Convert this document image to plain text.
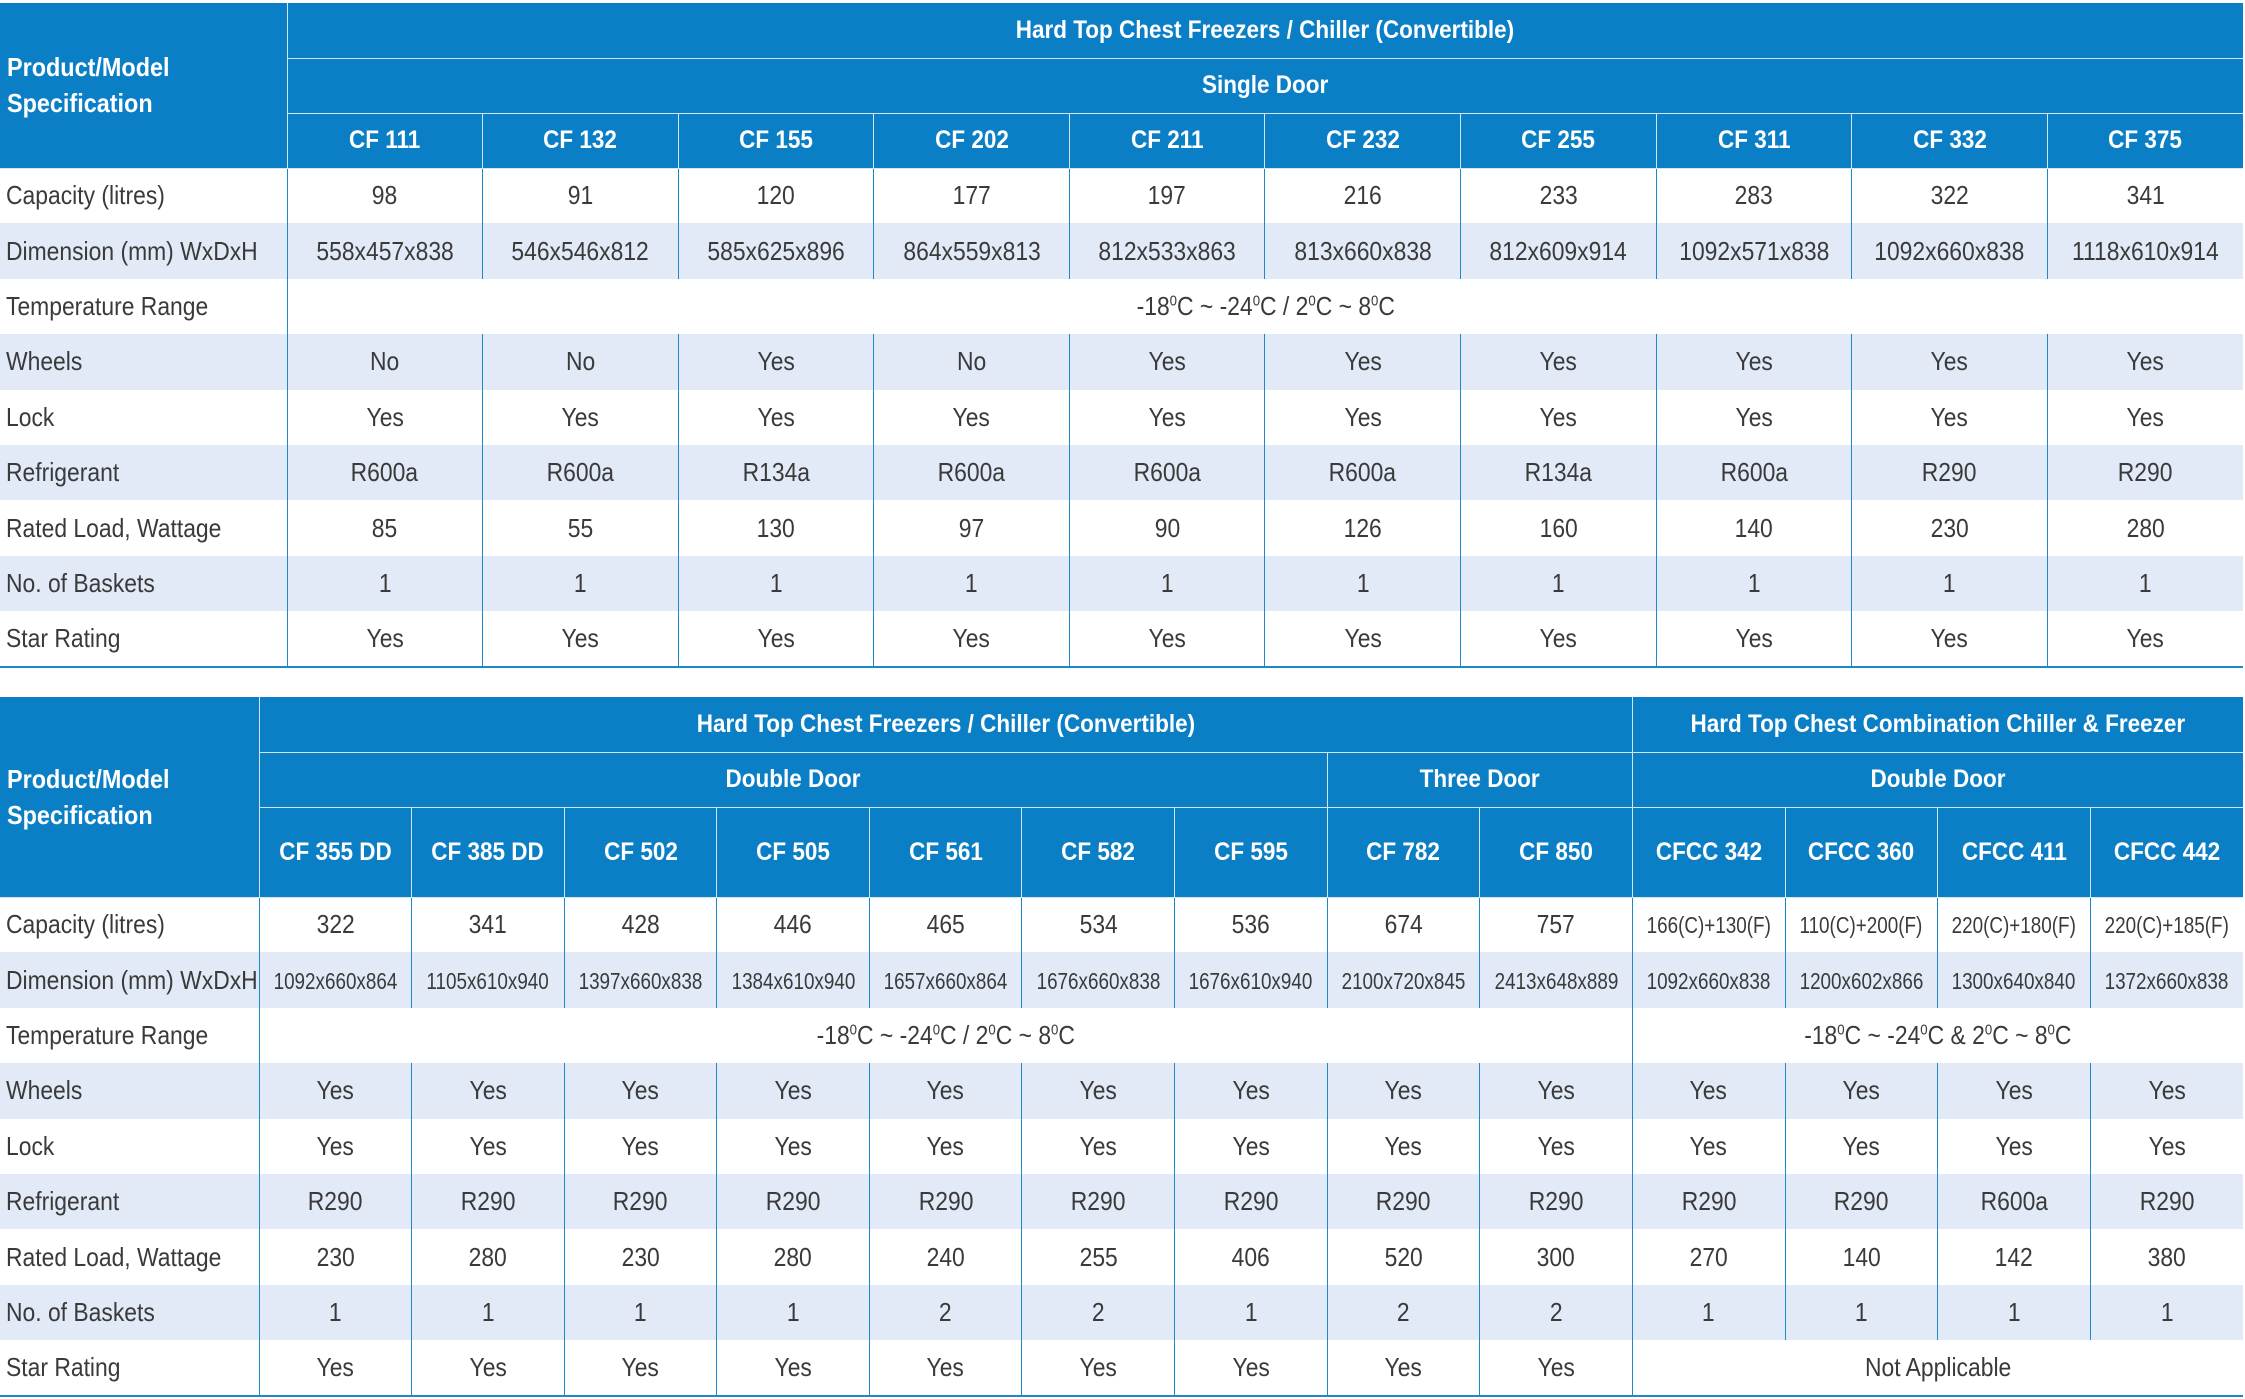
Product/Model Specification	Hard Top Chest Freezers / Chiller (Convertible)									
	Single Door									
	CF 111	CF 132	CF 155	CF 202	CF 211	CF 232	CF 255	CF 311	CF 332	CF 375
Capacity (litres)	98	91	120	177	197	216	233	283	322	341
Dimension (mm) WxDxH	558x457x838	546x546x812	585x625x896	864x559x813	812x533x863	813x660x838	812x609x914	1092x571x838	1092x660x838	1118x610x914
Temperature Range	$-18^0C$ ~ $-24^0C / 2^0C$ ~ $8^0C$									
Wheels	No	No	Yes	No	Yes	Yes	Yes	Yes	Yes	Yes
Lock	Yes	Yes	Yes	Yes	Yes	Yes	Yes	Yes	Yes	Yes
Refrigerant	R600a	R600a	R134a	R600a	R600a	R600a	R134a	R600a	R290	R290
Rated Load, Wattage	85	55	130	97	90	126	160	140	230	280
No. of Baskets	1	1	1	1	1	1	1	1	1	1
Star Rating	Yes	Yes	Yes	Yes	Yes	Yes	Yes	Yes	Yes	Yes
Product/Model Specification	Hard Top Chest Freezers / Chiller (Convertible)									Hard Top Chest Combination Chiller & Freezer			
	Double Door							Three Door		Double Door			
	CF 355 DD	CF 385 DD	CF 502	CF 505	CF 561	CF 582	CF 595	CF 782	CF 850	CFCC 342	CFCC 360	CFCC 411	CFCC 442
Capacity (litres)	322	341	428	446	465	534	536	674	757	166(C)+130(F)	110(C)+200(F)	220(C)+180(F)	220(C)+185(F)
Dimension (mm) WxDxH	1092x660x864	1105x610x940	1397x660x838	1384x610x940	1657x660x864	1676x660x838	1676x610x940	2100x720x845	2413x648x889	1092x660x838	1200x602x866	1300x640x840	1372x660x838
Temperature Range	$-18^0C$ ~ $-24^0C / 2^0C$ ~ $8^0C$									$-18^0C$ ~ $-24^0C$ & $2^0C$ ~ $8^0C$			
Wheels	Yes	Yes	Yes	Yes	Yes	Yes	Yes	Yes	Yes	Yes	Yes	Yes	Yes
Lock	Yes	Yes	Yes	Yes	Yes	Yes	Yes	Yes	Yes	Yes	Yes	Yes	Yes
Refrigerant	R290	R290	R290	R290	R290	R290	R290	R290	R290	R290	R290	R600a	R290
Rated Load, Wattage	230	280	230	280	240	255	406	520	300	270	140	142	380
No. of Baskets	1	1	1	1	2	2	1	2	2	1	1	1	1
Star Rating	Yes	Yes	Yes	Yes	Yes	Yes	Yes	Yes	Yes	Not Applicable			
